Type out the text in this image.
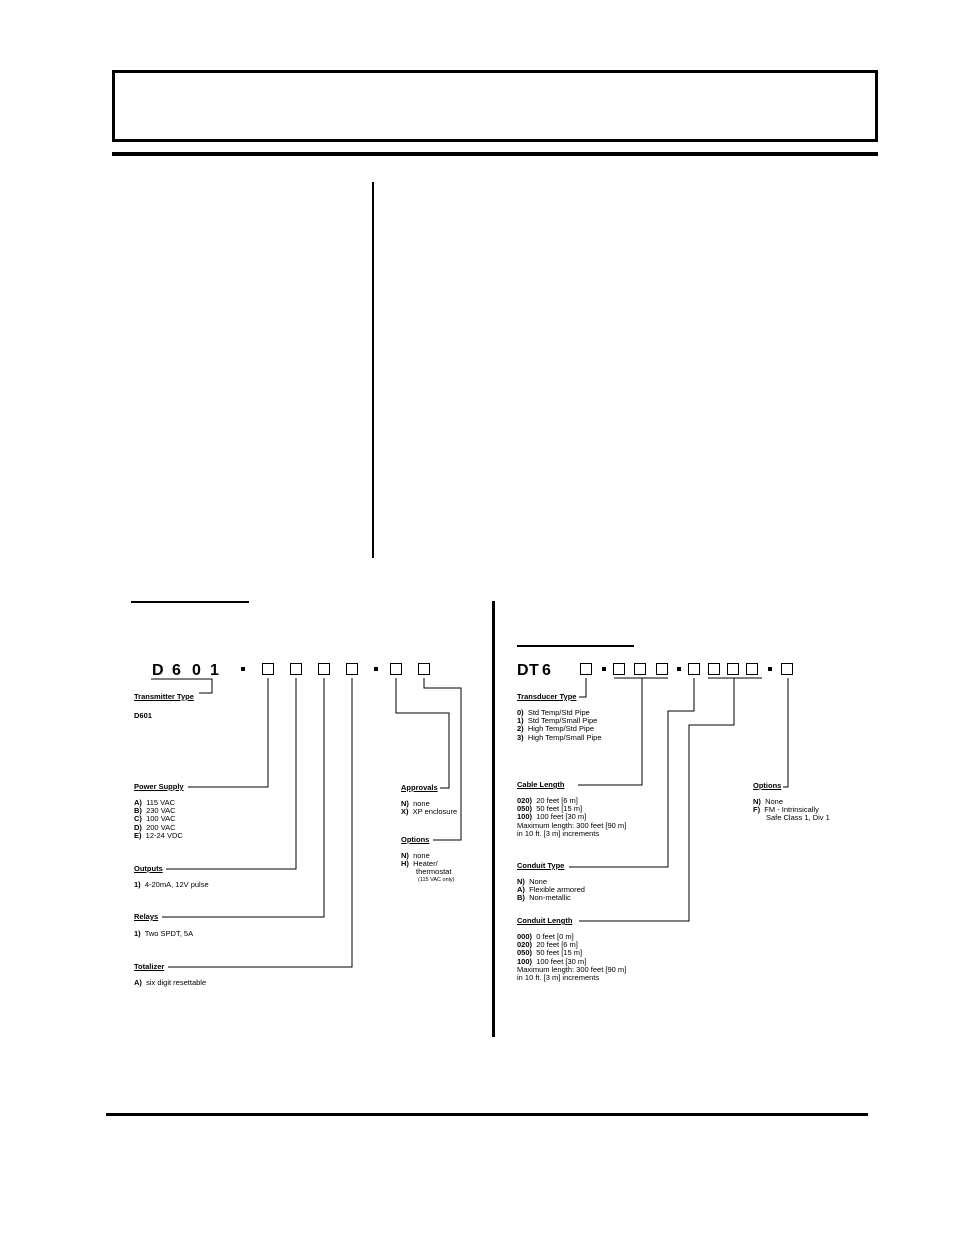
D 6 0 1
Transmitter Type
D601
Power Supply
A) 115 VAC
B) 230 VAC
C) 100 VAC
D) 200 VAC
E) 12-24 VDC
Outputs
1) 4-20mA, 12V pulse
Relays
1) Two SPDT, 5A
Totalizer
A) six digit resettable
Approvals
N) none
X) XP enclosure
Options
N) none
H) Heater/
thermostat
(115 VAC only)
D T 6
Transducer Type
0) Std Temp/Std Pipe
1) Std Temp/Small Pipe
2) High Temp/Std Pipe
3) High Temp/Small Pipe
Cable Length
020) 20 feet [6 m]
050) 50 feet [15 m]
100) 100 feet [30 m]
Maximum length: 300 feet [90 m]
in 10 ft. [3 m] increments
Conduit Type
N) None
A) Flexible armored
B) Non-metallic
Conduit Length
000) 0 feet [0 m]
020) 20 feet [6 m]
050) 50 feet [15 m]
100) 100 feet [30 m]
Maximum length: 300 feet [90 m]
in 10 ft. [3 m] increments
Options
N) None
F) FM - Intrinsically
Safe Class 1, Div 1
